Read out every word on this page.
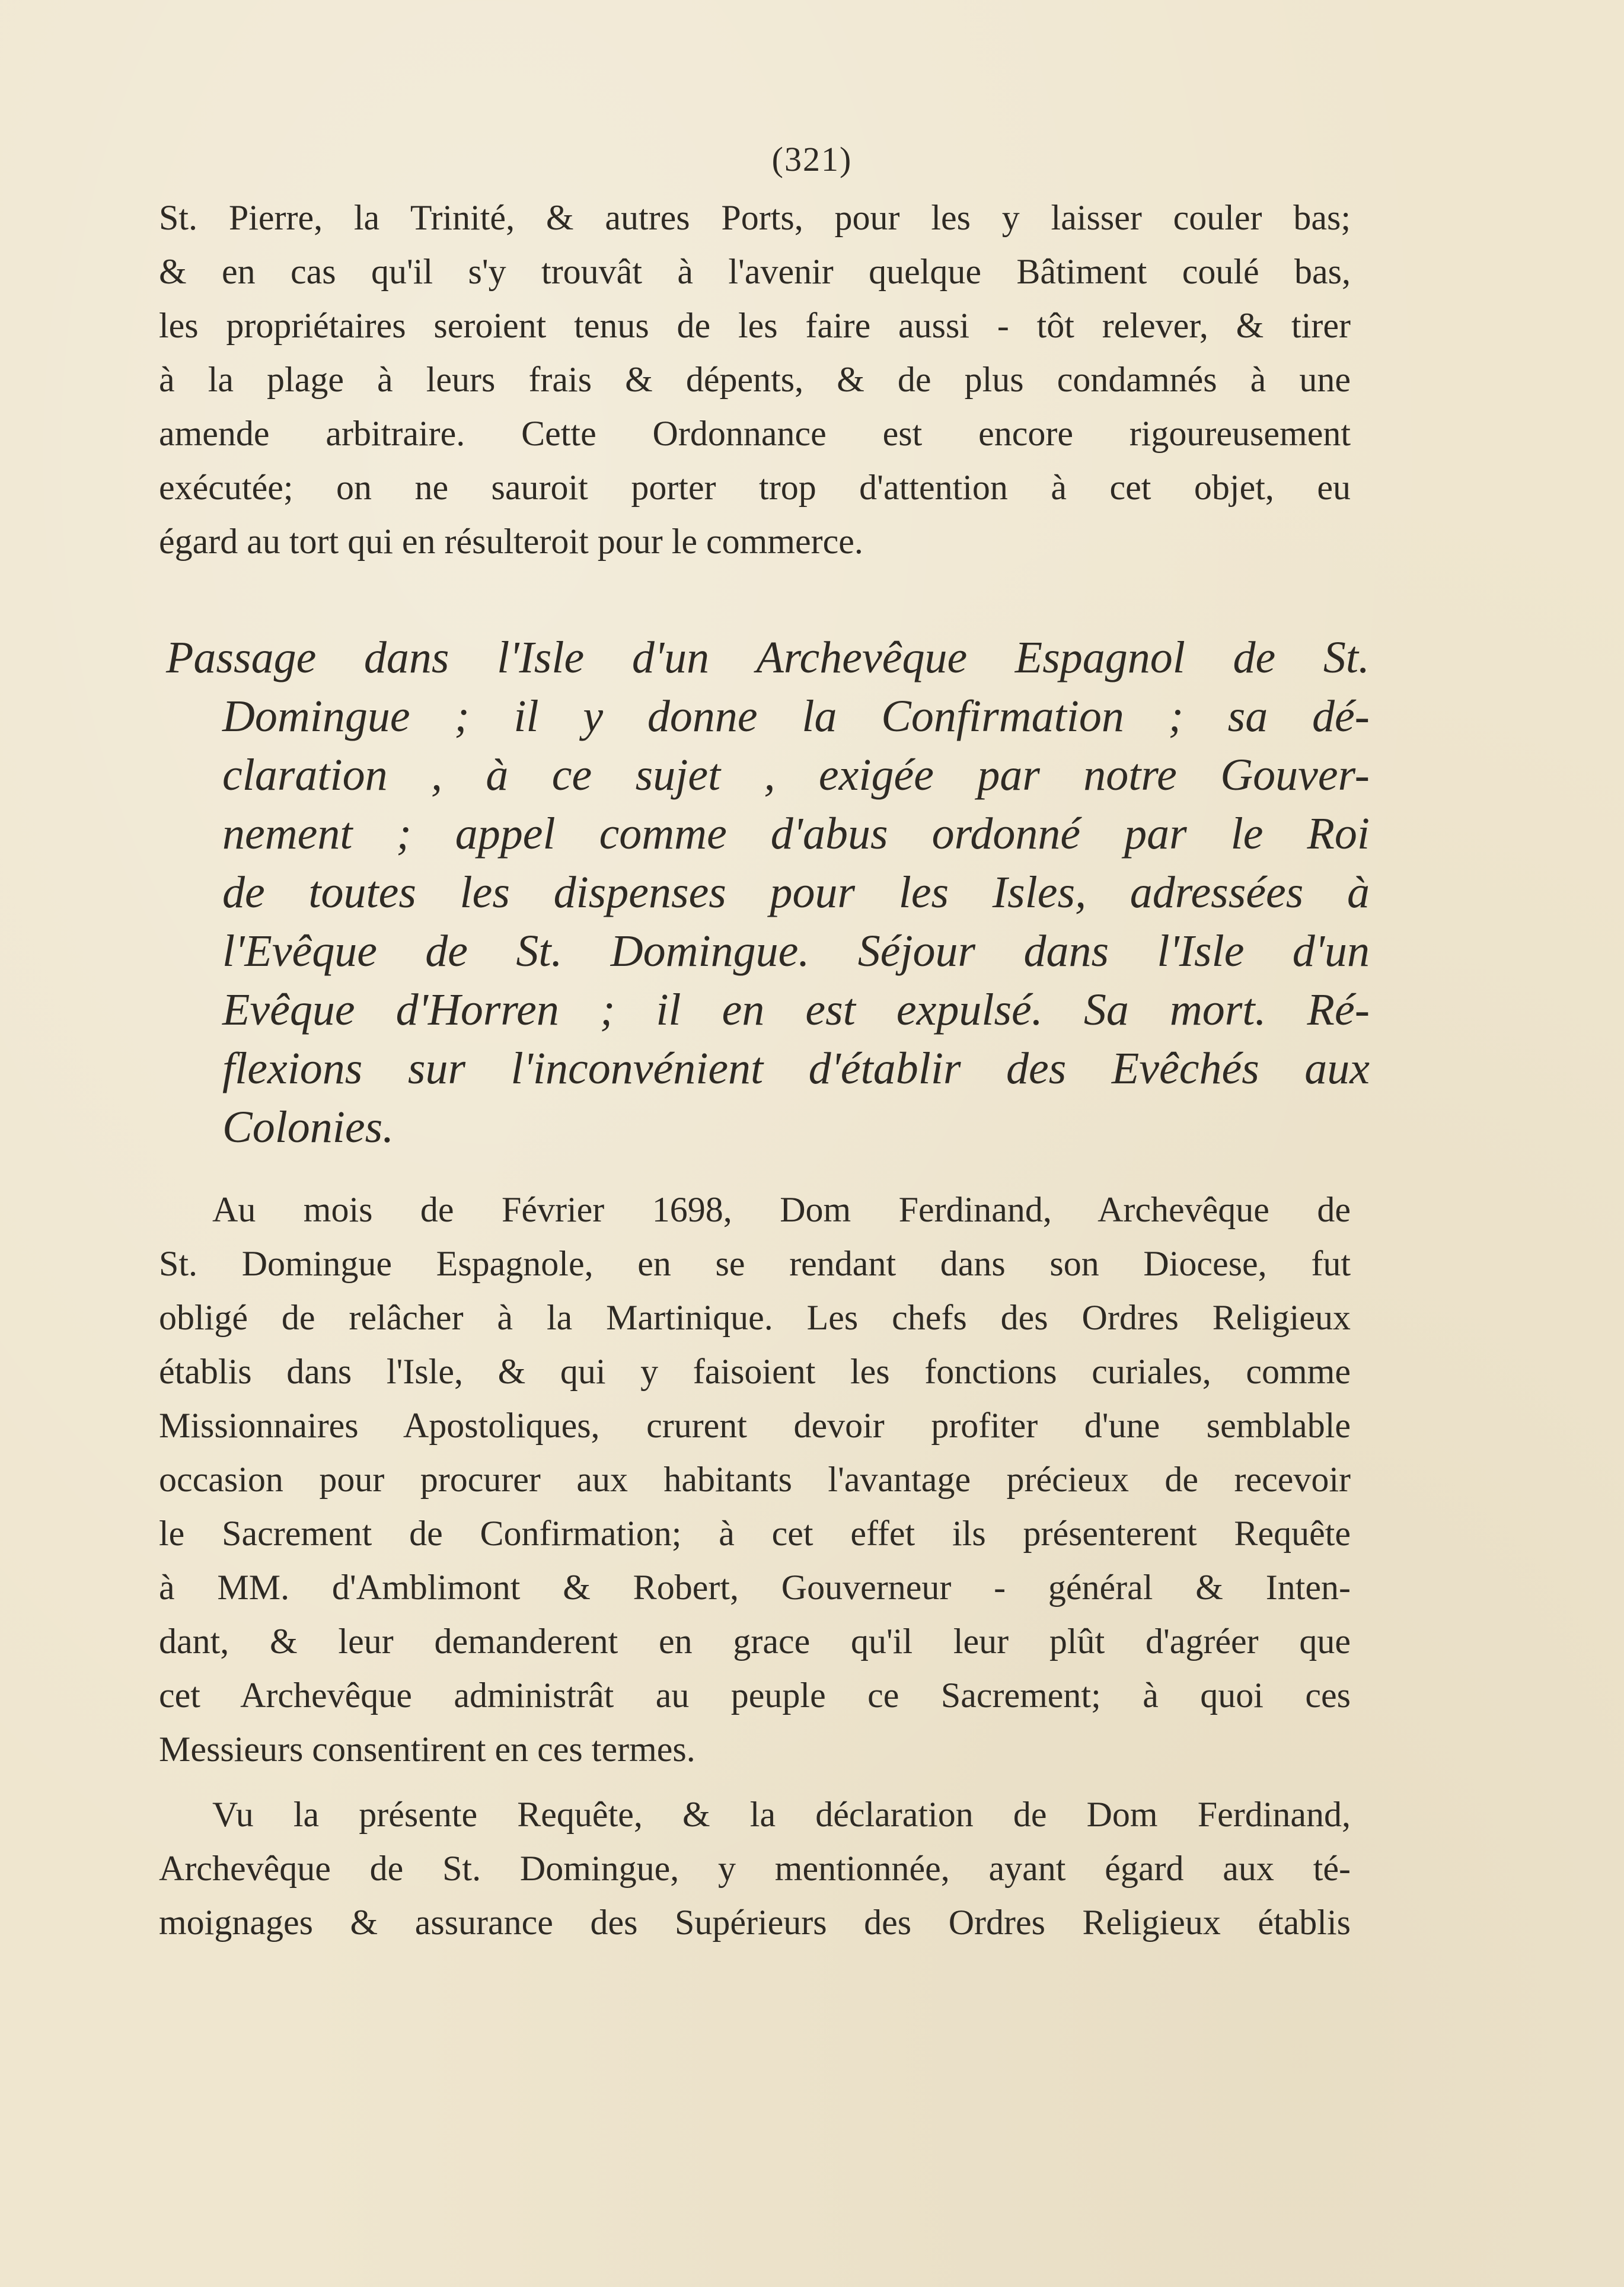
(321)
St. Pierre, la Trinité, & autres Ports, pour les y laisser couler bas;
& en cas qu'il s'y trouvât à l'avenir quelque Bâtiment coulé bas,
les propriétaires seroient tenus de les faire aussi - tôt relever, & tirer
à la plage à leurs frais & dépents, & de plus condamnés à une
amende arbitraire. Cette Ordonnance est encore rigoureusement
exécutée; on ne sauroit porter trop d'attention à cet objet, eu
égard au tort qui en résulteroit pour le commerce.
Passage dans l'Isle d'un Archevêque Espagnol de St.
Domingue ; il y donne la Confirmation ; sa dé-
claration , à ce sujet , exigée par notre Gouver-
nement ; appel comme d'abus ordonné par le Roi
de toutes les dispenses pour les Isles, adressées à
l'Evêque de St. Domingue. Séjour dans l'Isle d'un
Evêque d'Horren ; il en est expulsé. Sa mort. Ré-
flexions sur l'inconvénient d'établir des Evêchés aux
Colonies.
Au mois de Février 1698, Dom Ferdinand, Archevêque de
St. Domingue Espagnole, en se rendant dans son Diocese, fut
obligé de relâcher à la Martinique. Les chefs des Ordres Religieux
établis dans l'Isle, & qui y faisoient les fonctions curiales, comme
Missionnaires Apostoliques, crurent devoir profiter d'une semblable
occasion pour procurer aux habitants l'avantage précieux de recevoir
le Sacrement de Confirmation; à cet effet ils présenterent Requête
à MM. d'Amblimont & Robert, Gouverneur - général & Inten-
dant, & leur demanderent en grace qu'il leur plût d'agréer que
cet Archevêque administrât au peuple ce Sacrement; à quoi ces
Messieurs consentirent en ces termes.
Vu la présente Requête, & la déclaration de Dom Ferdinand,
Archevêque de St. Domingue, y mentionnée, ayant égard aux té-
moignages & assurance des Supérieurs des Ordres Religieux établis
